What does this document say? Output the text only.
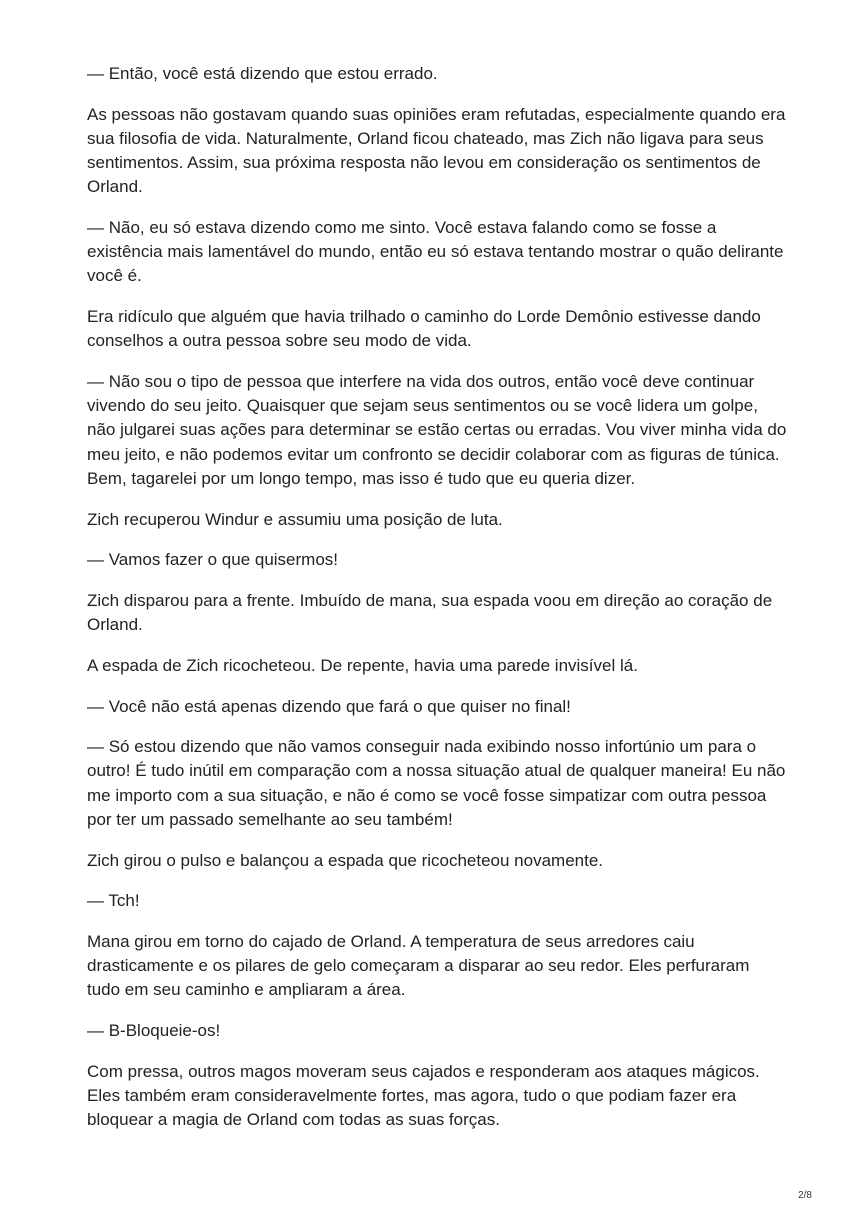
— Então, você está dizendo que estou errado.

As pessoas não gostavam quando suas opiniões eram refutadas, especialmente quando era sua filosofia de vida. Naturalmente, Orland ficou chateado, mas Zich não ligava para seus sentimentos. Assim, sua próxima resposta não levou em consideração os sentimentos de Orland.

— Não, eu só estava dizendo como me sinto. Você estava falando como se fosse a existência mais lamentável do mundo, então eu só estava tentando mostrar o quão delirante você é.

Era ridículo que alguém que havia trilhado o caminho do Lorde Demônio estivesse dando conselhos a outra pessoa sobre seu modo de vida.

— Não sou o tipo de pessoa que interfere na vida dos outros, então você deve continuar vivendo do seu jeito. Quaisquer que sejam seus sentimentos ou se você lidera um golpe, não julgarei suas ações para determinar se estão certas ou erradas. Vou viver minha vida do meu jeito, e não podemos evitar um confronto se decidir colaborar com as figuras de túnica. Bem, tagarelei por um longo tempo, mas isso é tudo que eu queria dizer.

Zich recuperou Windur e assumiu uma posição de luta.

— Vamos fazer o que quisermos!

Zich disparou para a frente. Imbuído de mana, sua espada voou em direção ao coração de Orland.

A espada de Zich ricocheteou. De repente, havia uma parede invisível lá.

— Você não está apenas dizendo que fará o que quiser no final!

— Só estou dizendo que não vamos conseguir nada exibindo nosso infortúnio um para o outro! É tudo inútil em comparação com a nossa situação atual de qualquer maneira! Eu não me importo com a sua situação, e não é como se você fosse simpatizar com outra pessoa por ter um passado semelhante ao seu também!

Zich girou o pulso e balançou a espada que ricocheteou novamente.

— Tch!

Mana girou em torno do cajado de Orland. A temperatura de seus arredores caiu drasticamente e os pilares de gelo começaram a disparar ao seu redor. Eles perfuraram tudo em seu caminho e ampliaram a área.

— B-Bloqueie-os!

Com pressa, outros magos moveram seus cajados e responderam aos ataques mágicos. Eles também eram consideravelmente fortes, mas agora, tudo o que podiam fazer era bloquear a magia de Orland com todas as suas forças.

2/8
